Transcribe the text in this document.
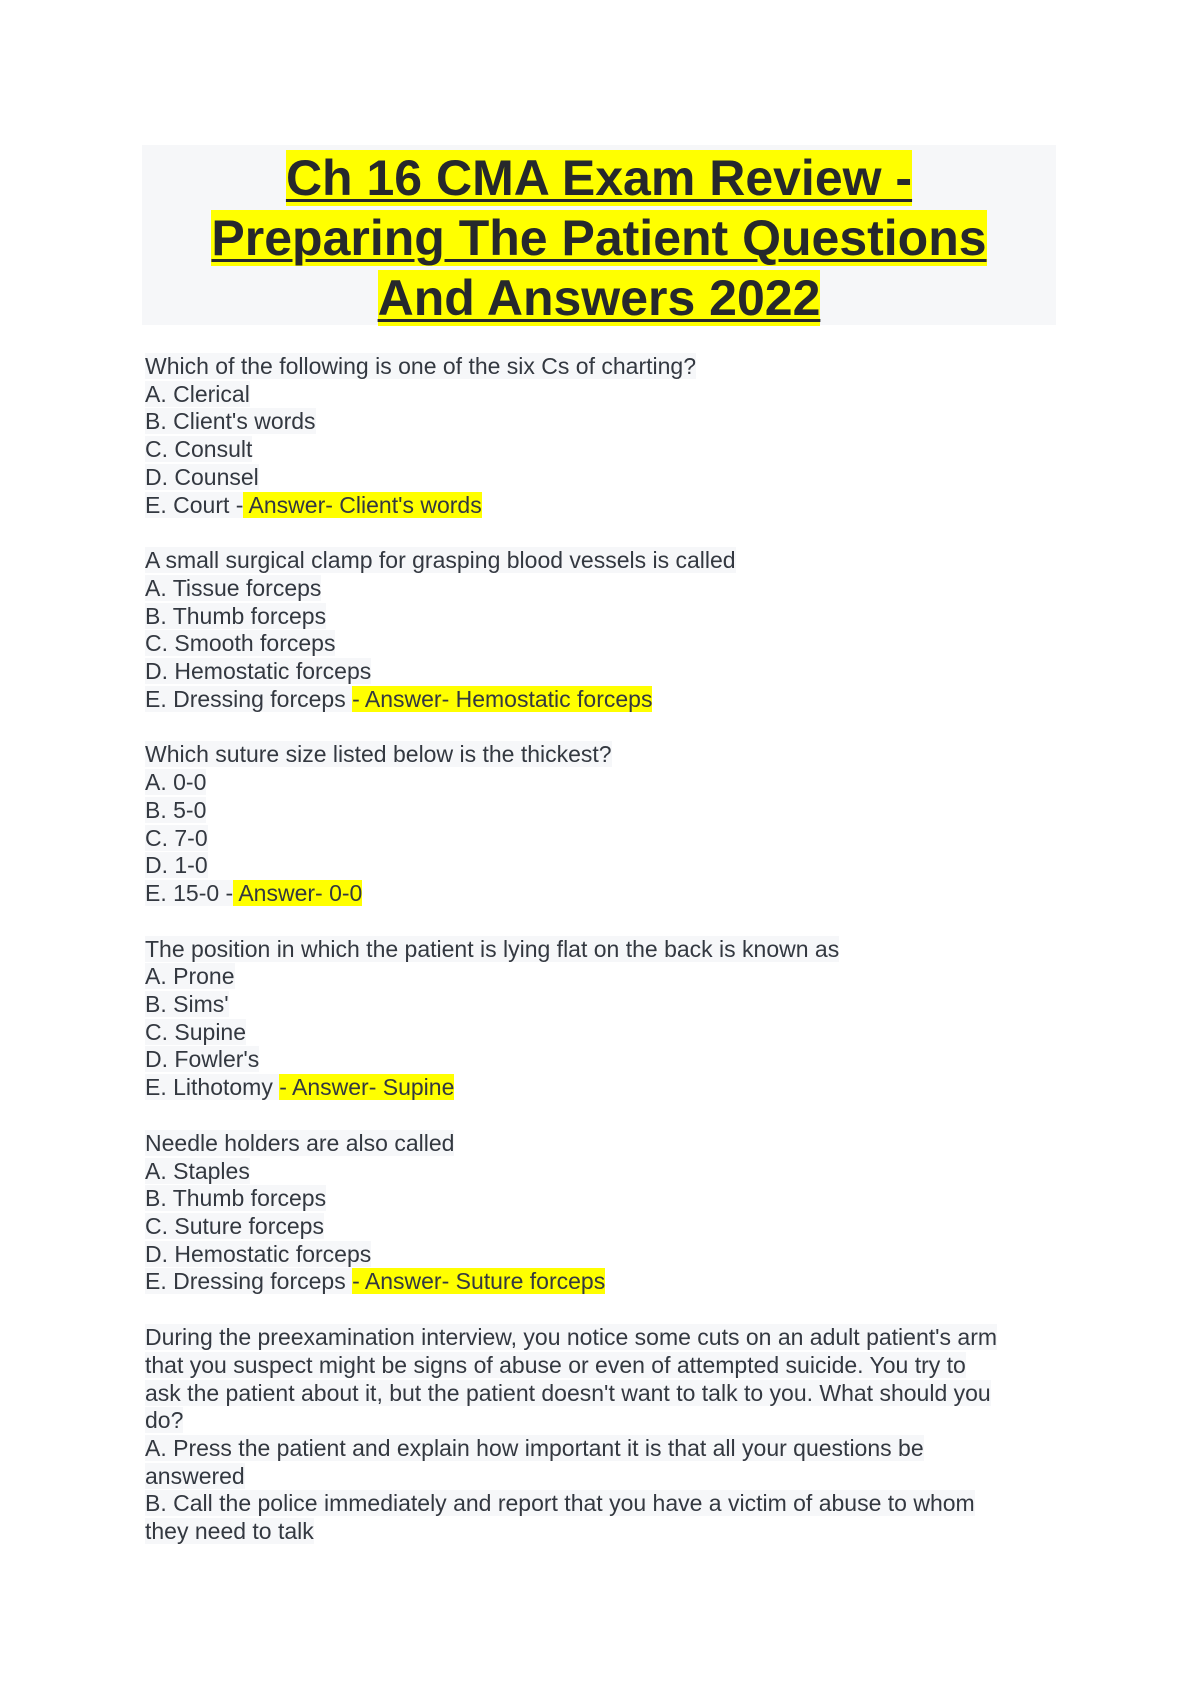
Ch 16 CMA Exam Review -
Preparing The Patient Questions
And Answers 2022
Which of the following is one of the six Cs of charting?
A. Clerical
B. Client's words
C. Consult
D. Counsel
E. Court - Answer- Client's words
A small surgical clamp for grasping blood vessels is called
A. Tissue forceps
B. Thumb forceps
C. Smooth forceps
D. Hemostatic forceps
E. Dressing forceps - Answer- Hemostatic forceps
Which suture size listed below is the thickest?
A. 0-0
B. 5-0
C. 7-0
D. 1-0
E. 15-0 - Answer- 0-0
The position in which the patient is lying flat on the back is known as
A. Prone
B. Sims'
C. Supine
D. Fowler's
E. Lithotomy - Answer- Supine
Needle holders are also called
A. Staples
B. Thumb forceps
C. Suture forceps
D. Hemostatic forceps
E. Dressing forceps - Answer- Suture forceps
During the preexamination interview, you notice some cuts on an adult patient's arm
that you suspect might be signs of abuse or even of attempted suicide. You try to
ask the patient about it, but the patient doesn't want to talk to you. What should you
do?
A. Press the patient and explain how important it is that all your questions be
answered
B. Call the police immediately and report that you have a victim of abuse to whom
they need to talk
